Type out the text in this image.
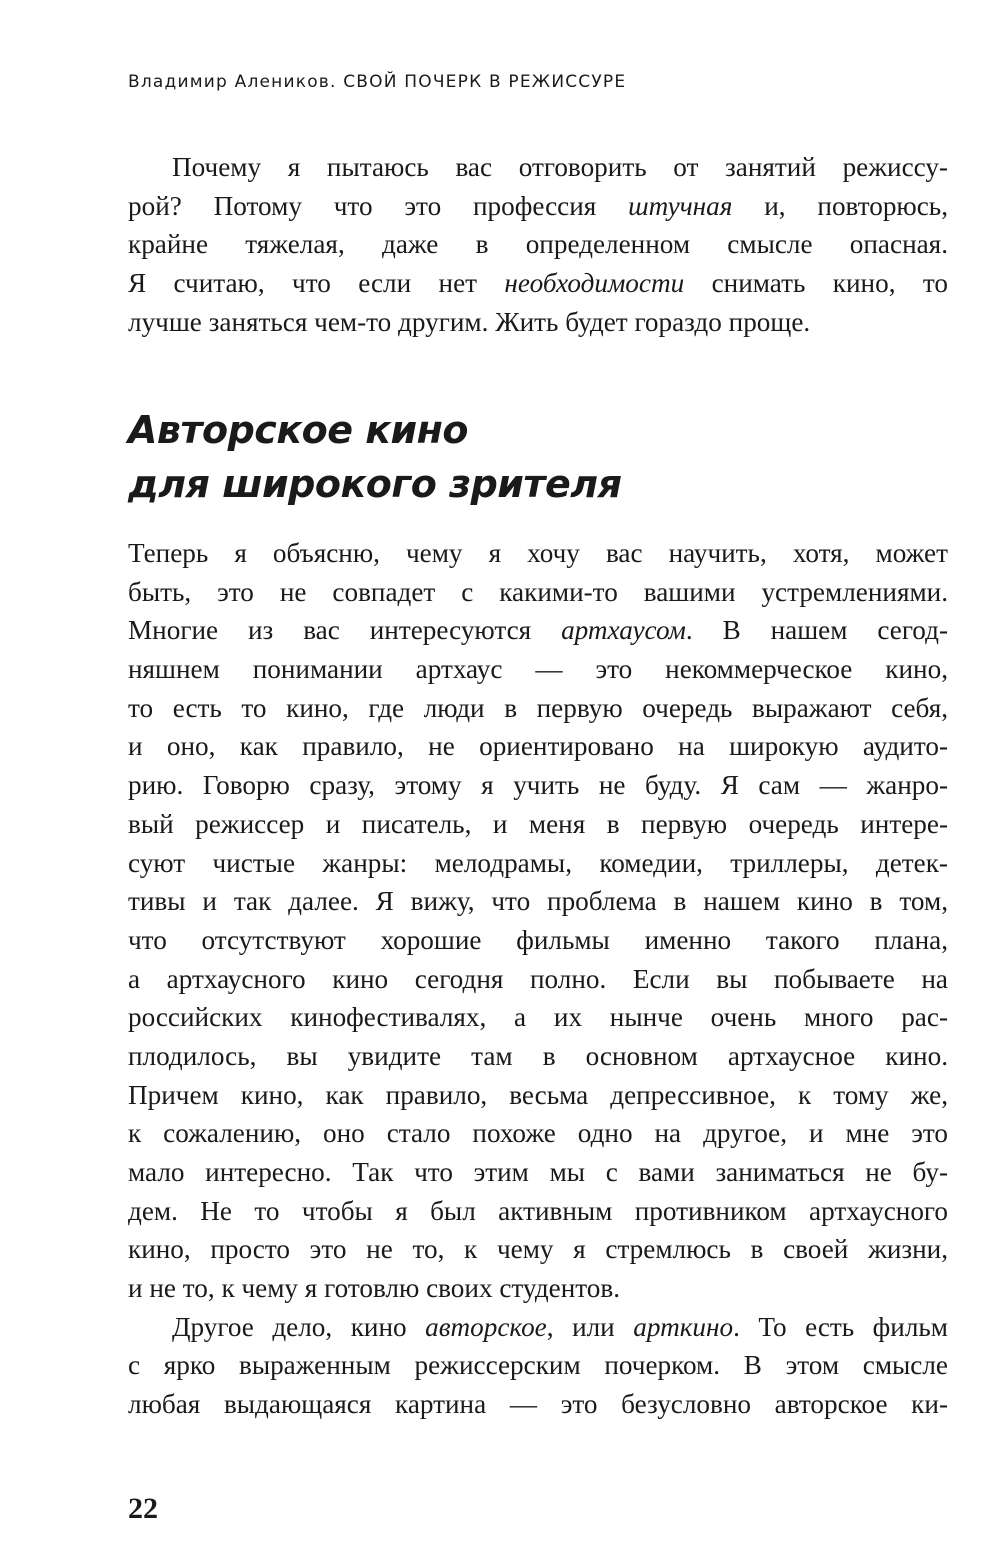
Владимир Алеников. СВОЙ ПОЧЕРК В РЕЖИССУРЕ
Почему я пытаюсь вас отговорить от занятий режиссу-
рой? Потому что это профессия штучная и, повторюсь,
крайне тяжелая, даже в определенном смысле опасная.
Я считаю, что если нет необходимости снимать кино, то
лучше заняться чем-то другим. Жить будет гораздо проще.
Авторское кино
для широкого зрителя
Теперь я объясню, чему я хочу вас научить, хотя, может
быть, это не совпадет с какими-то вашими устремлениями.
Многие из вас интересуются артхаусом. В нашем сегод-
няшнем понимании артхаус — это некоммерческое кино,
то есть то кино, где люди в первую очередь выражают себя,
и оно, как правило, не ориентировано на широкую аудито-
рию. Говорю сразу, этому я учить не буду. Я сам — жанро-
вый режиссер и писатель, и меня в первую очередь интере-
суют чистые жанры: мелодрамы, комедии, триллеры, детек-
тивы и так далее. Я вижу, что проблема в нашем кино в том,
что отсутствуют хорошие фильмы именно такого плана,
а артхаусного кино сегодня полно. Если вы побываете на
российских кинофестивалях, а их нынче очень много рас-
плодилось, вы увидите там в основном артхаусное кино.
Причем кино, как правило, весьма депрессивное, к тому же,
к сожалению, оно стало похоже одно на другое, и мне это
мало интересно. Так что этим мы с вами заниматься не бу-
дем. Не то чтобы я был активным противником артхаусного
кино, просто это не то, к чему я стремлюсь в своей жизни,
и не то, к чему я готовлю своих студентов.
Другое дело, кино авторское, или арткино. То есть фильм
с ярко выраженным режиссерским почерком. В этом смысле
любая выдающаяся картина — это безусловно авторское ки-
22
